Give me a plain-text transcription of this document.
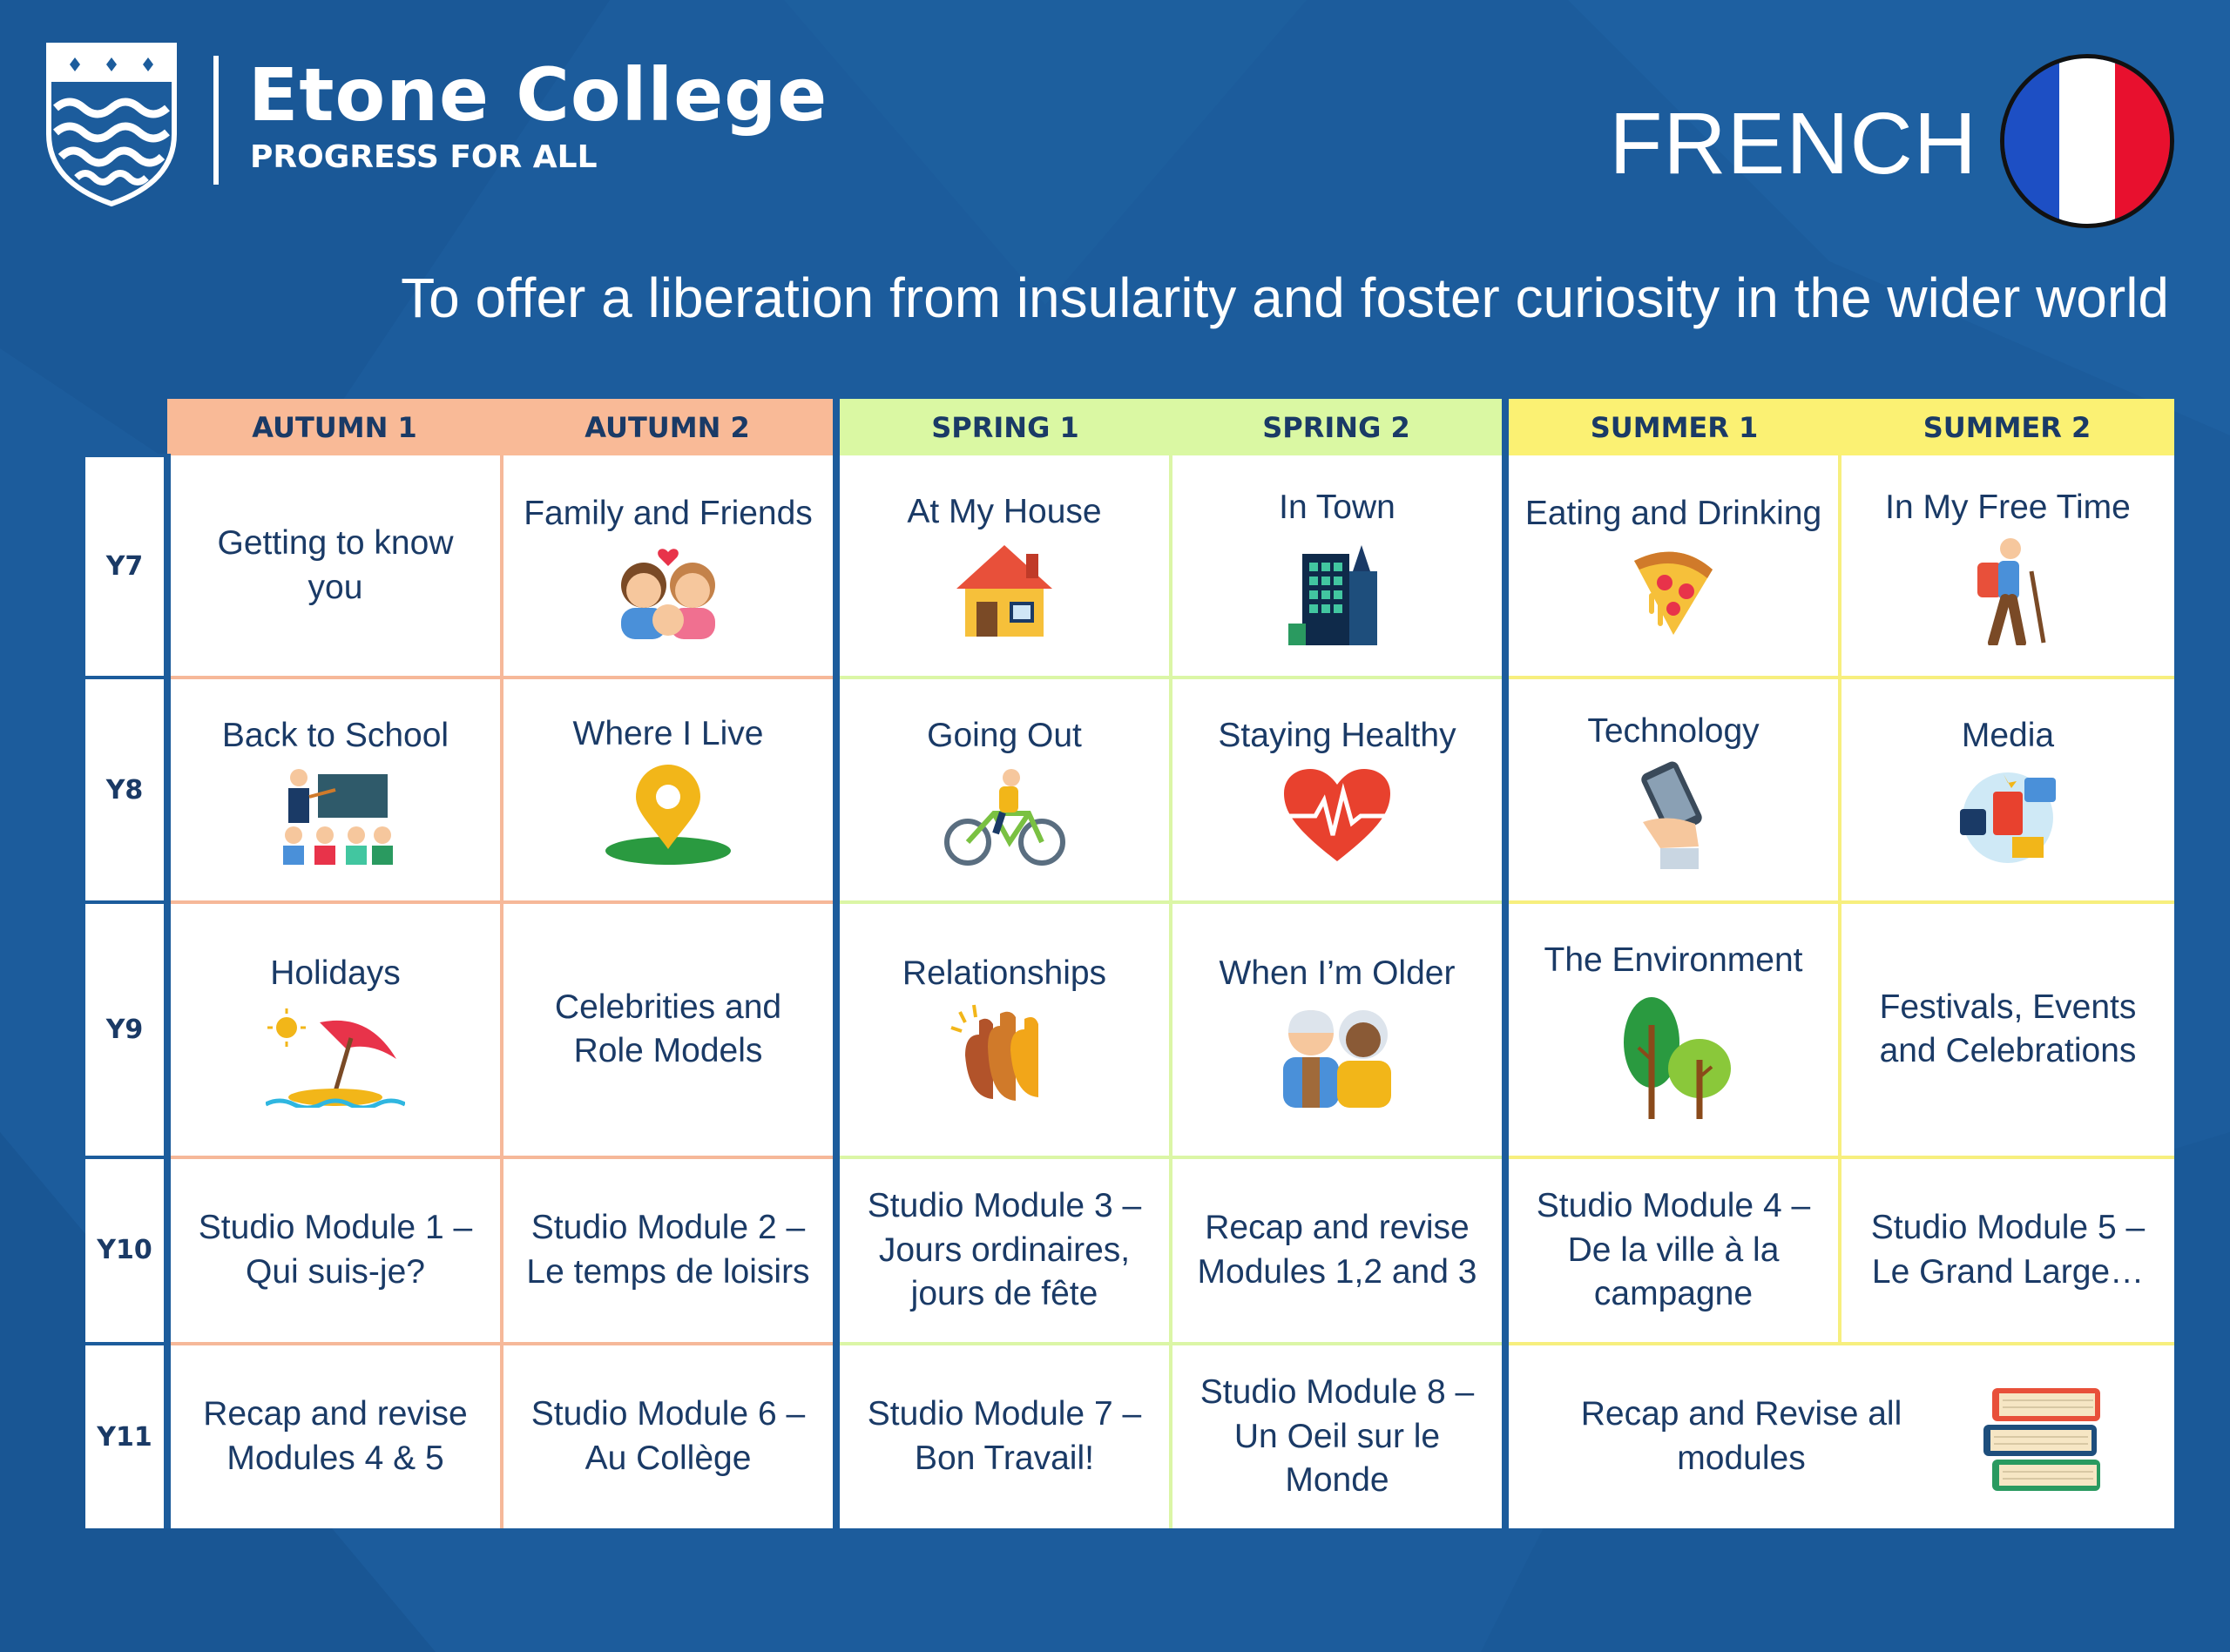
Etone College
PROGRESS FOR ALL	FRENCH
To offer a liberation from insularity and foster curiosity in the wider world
	AUTUMN 1	AUTUMN 2	SPRING 1	SPRING 2	SUMMER 1	SUMMER 2
Y7	Getting to know you	Family and Friends	At My House	In Town	Eating and Drinking	In My Free Time

Y8	Back to School	Where I Live	Going Out	Staying Healthy	Technology	Media

Y9	Holidays	Celebrities and Role Models	Relationships	When I’m Older	The Environment	Festivals, Events and Celebrations

Y10	Studio Module 1 – Qui suis-je?	Studio Module 2 – Le temps de loisirs	Studio Module 3 – Jours ordinaires, jours de fête	Recap and revise Modules 1,2 and 3	Studio Module 4 – De la ville à la campagne	Studio Module 5 – Le Grand Large…

Y11	Recap and revise Modules 4 & 5	Studio Module 6 – Au Collège	Studio Module 7 – Bon Travail!	Studio Module 8 – Un Oeil sur le Monde	Recap and Revise all modules	
